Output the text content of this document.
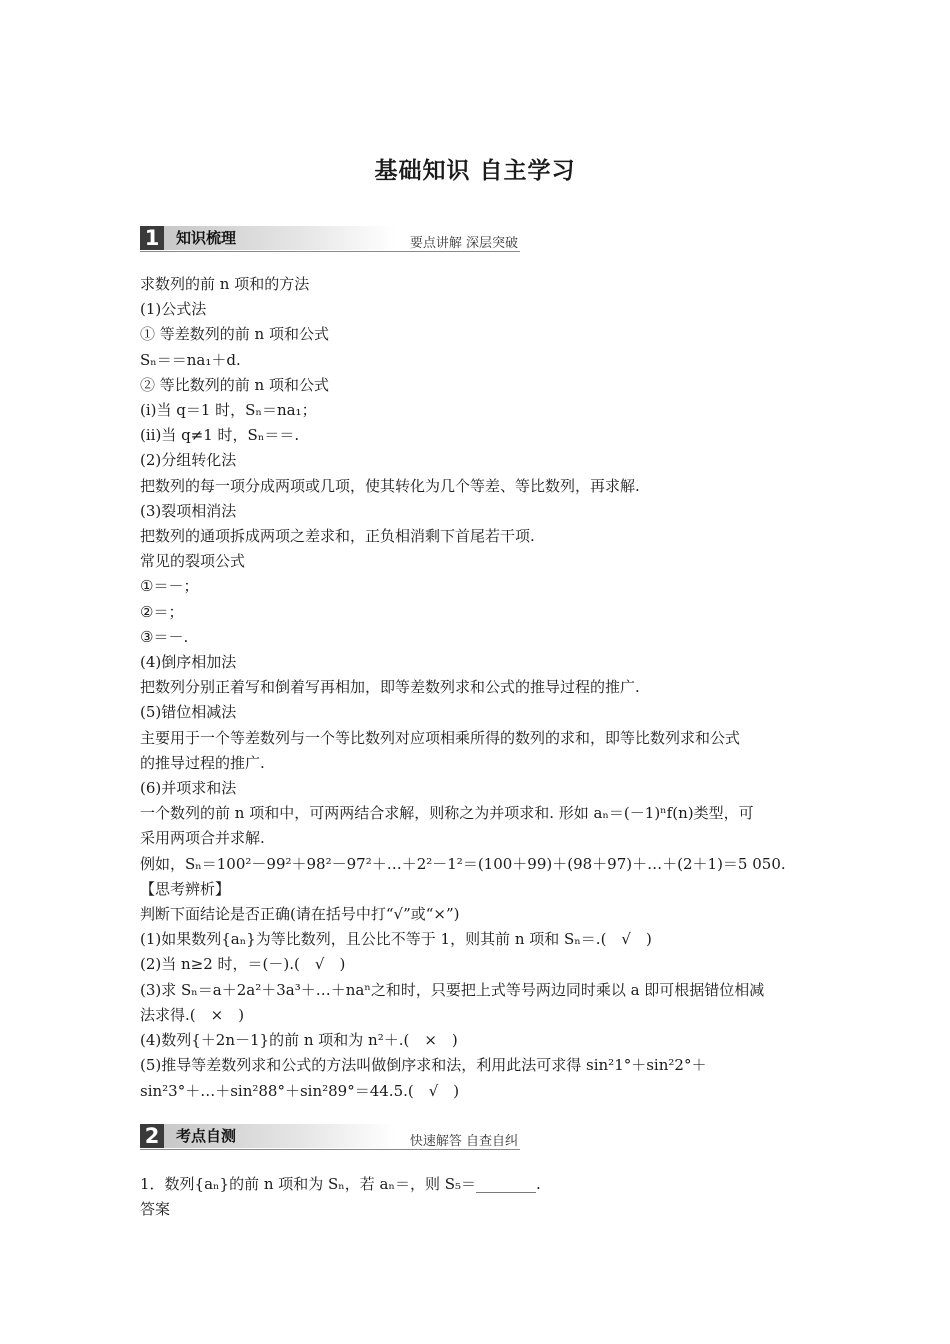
基础知识 自主学习
1	知识梳理	要点讲解 深层突破

求数列的前 n 项和的方法

(1)公式法

① 等差数列的前 n 项和公式

Sₙ＝＝na₁＋d.

② 等比数列的前 n 项和公式

(ⅰ)当 q＝1 时，Sₙ＝na₁；

(ⅱ)当 q≠1 时，Sₙ＝＝.

(2)分组转化法

把数列的每一项分成两项或几项，使其转化为几个等差、等比数列，再求解.

(3)裂项相消法

把数列的通项拆成两项之差求和，正负相消剩下首尾若干项.

常见的裂项公式

①＝－；

②＝；

③＝－.

(4)倒序相加法

把数列分别正着写和倒着写再相加，即等差数列求和公式的推导过程的推广.

(5)错位相减法

主要用于一个等差数列与一个等比数列对应项相乘所得的数列的求和，即等比数列求和公式

的推导过程的推广.

(6)并项求和法

一个数列的前 n 项和中，可两两结合求解，则称之为并项求和. 形如 aₙ＝(－1)ⁿf(n)类型，可

采用两项合并求解.

例如，Sₙ＝100²－99²＋98²－97²＋…＋2²－1²＝(100＋99)＋(98＋97)＋…＋(2＋1)＝5 050.

【思考辨析】

判断下面结论是否正确(请在括号中打“√”或“×”)

(1)如果数列{aₙ}为等比数列，且公比不等于 1，则其前 n 项和 Sₙ＝.(　√　)

(2)当 n≥2 时，＝(－).(　√　)

(3)求 Sₙ＝a＋2a²＋3a³＋…＋naⁿ之和时，只要把上式等号两边同时乘以 a 即可根据错位相减

法求得.(　×　)

(4)数列{＋2n－1}的前 n 项和为 n²＋.(　×　)

(5)推导等差数列求和公式的方法叫做倒序求和法，利用此法可求得 sin²1°＋sin²2°＋

sin²3°＋…＋sin²88°＋sin²89°＝44.5.(　√　)

2	考点自测	快速解答 自查自纠

1．数列{aₙ}的前 n 项和为 Sₙ，若 aₙ＝，则 S₅＝________.

答案
